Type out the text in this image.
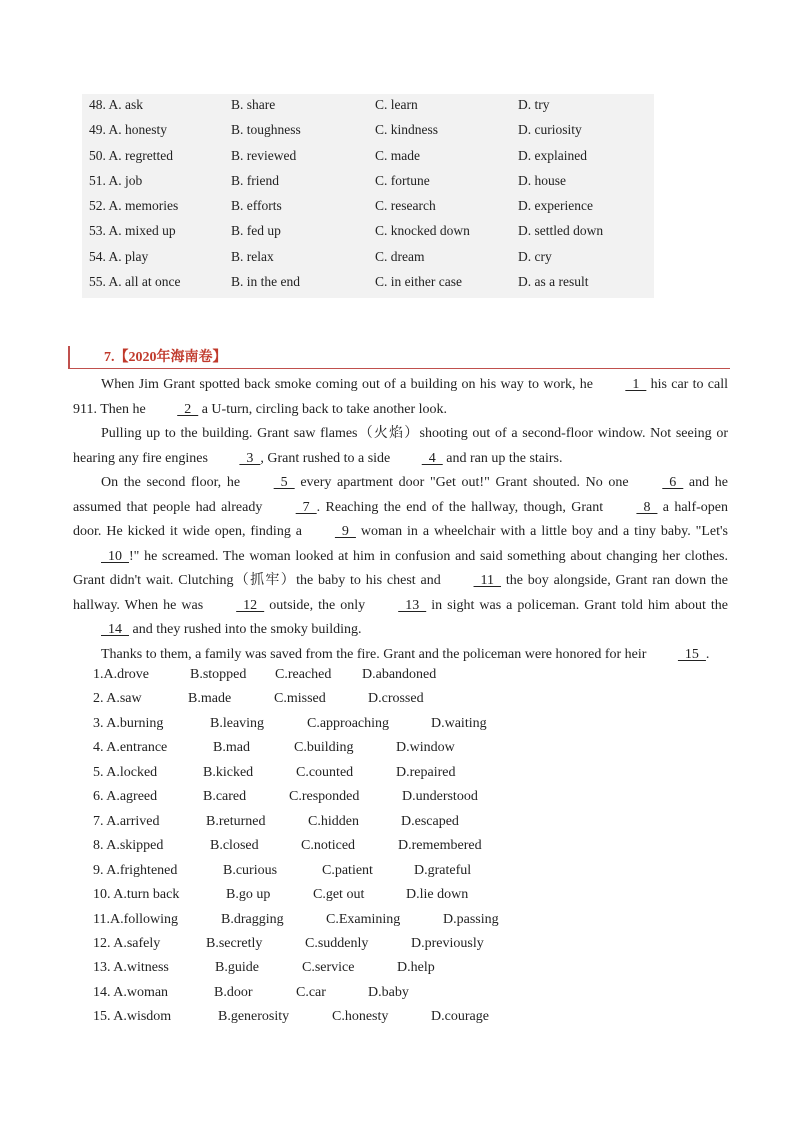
48. A. ask	B. share	C. learn	D. try
49. A. honesty	B. toughness	C. kindness	D. curiosity
50. A. regretted	B. reviewed	C. made	D. explained
51. A. job	B. friend	C. fortune	D. house
52. A. memories	B. efforts	C. research	D. experience
53. A. mixed up	B. fed up	C. knocked down	D. settled down
54. A. play	B. relax	C. dream	D. cry
55. A. all at once	B. in the end	C. in either case	D. as a result
7.【2020年海南卷】

When Jim Grant spotted back smoke coming out of a building on his way to work, he   1   his car to call 911. Then he   2   a U-turn, circling back to take another look.

Pulling up to the building. Grant saw flames（火焰）shooting out of a second-floor window. Not seeing or hearing any fire engines   3  , Grant rushed to a side   4   and ran up the stairs.

On the second floor, he   5   every apartment door "Get out!" Grant shouted. No one   6   and he assumed that people had already   7  . Reaching the end of the hallway, though, Grant   8   a half-open door. He kicked it wide open, finding a   9   woman in a wheelchair with a little boy and a tiny baby. "Let's   10  !" he screamed. The woman looked at him in confusion and said something about changing her clothes. Grant didn't wait. Clutching（抓牢）the baby to his chest and   11   the boy alongside, Grant ran down the hallway. When he was   12   outside, the only   13   in sight was a policeman. Grant told him about the   14   and they rushed into the smoky building.

Thanks to them, a family was saved from the fire. Grant and the policeman were honored for heir   15  .

1.A.drove	B.stopped C.reached D.abandoned
2. A.saw	B.made	C.missed	D.crossed
3. A.burning	B.leaving	C.approaching	D.waiting
4. A.entrance	B.mad	C.building	D.window
5. A.locked	B.kicked	C.counted	D.repaired
6. A.agreed	B.cared	C.responded	D.understood
7. A.arrived	B.returned	C.hidden	D.escaped
8. A.skipped	B.closed	C.noticed	D.remembered
9. A.frightened	B.curious	C.patient	D.grateful
10. A.turn back	B.go up	C.get out	D.lie down
11.A.following	B.dragging	C.Examining	D.passing
12. A.safely	B.secretly	C.suddenly	D.previously
13. A.witness	B.guide	C.service	D.help
14. A.woman	B.door	C.car	D.baby
15. A.wisdom	B.generosity	C.honesty	D.courage
